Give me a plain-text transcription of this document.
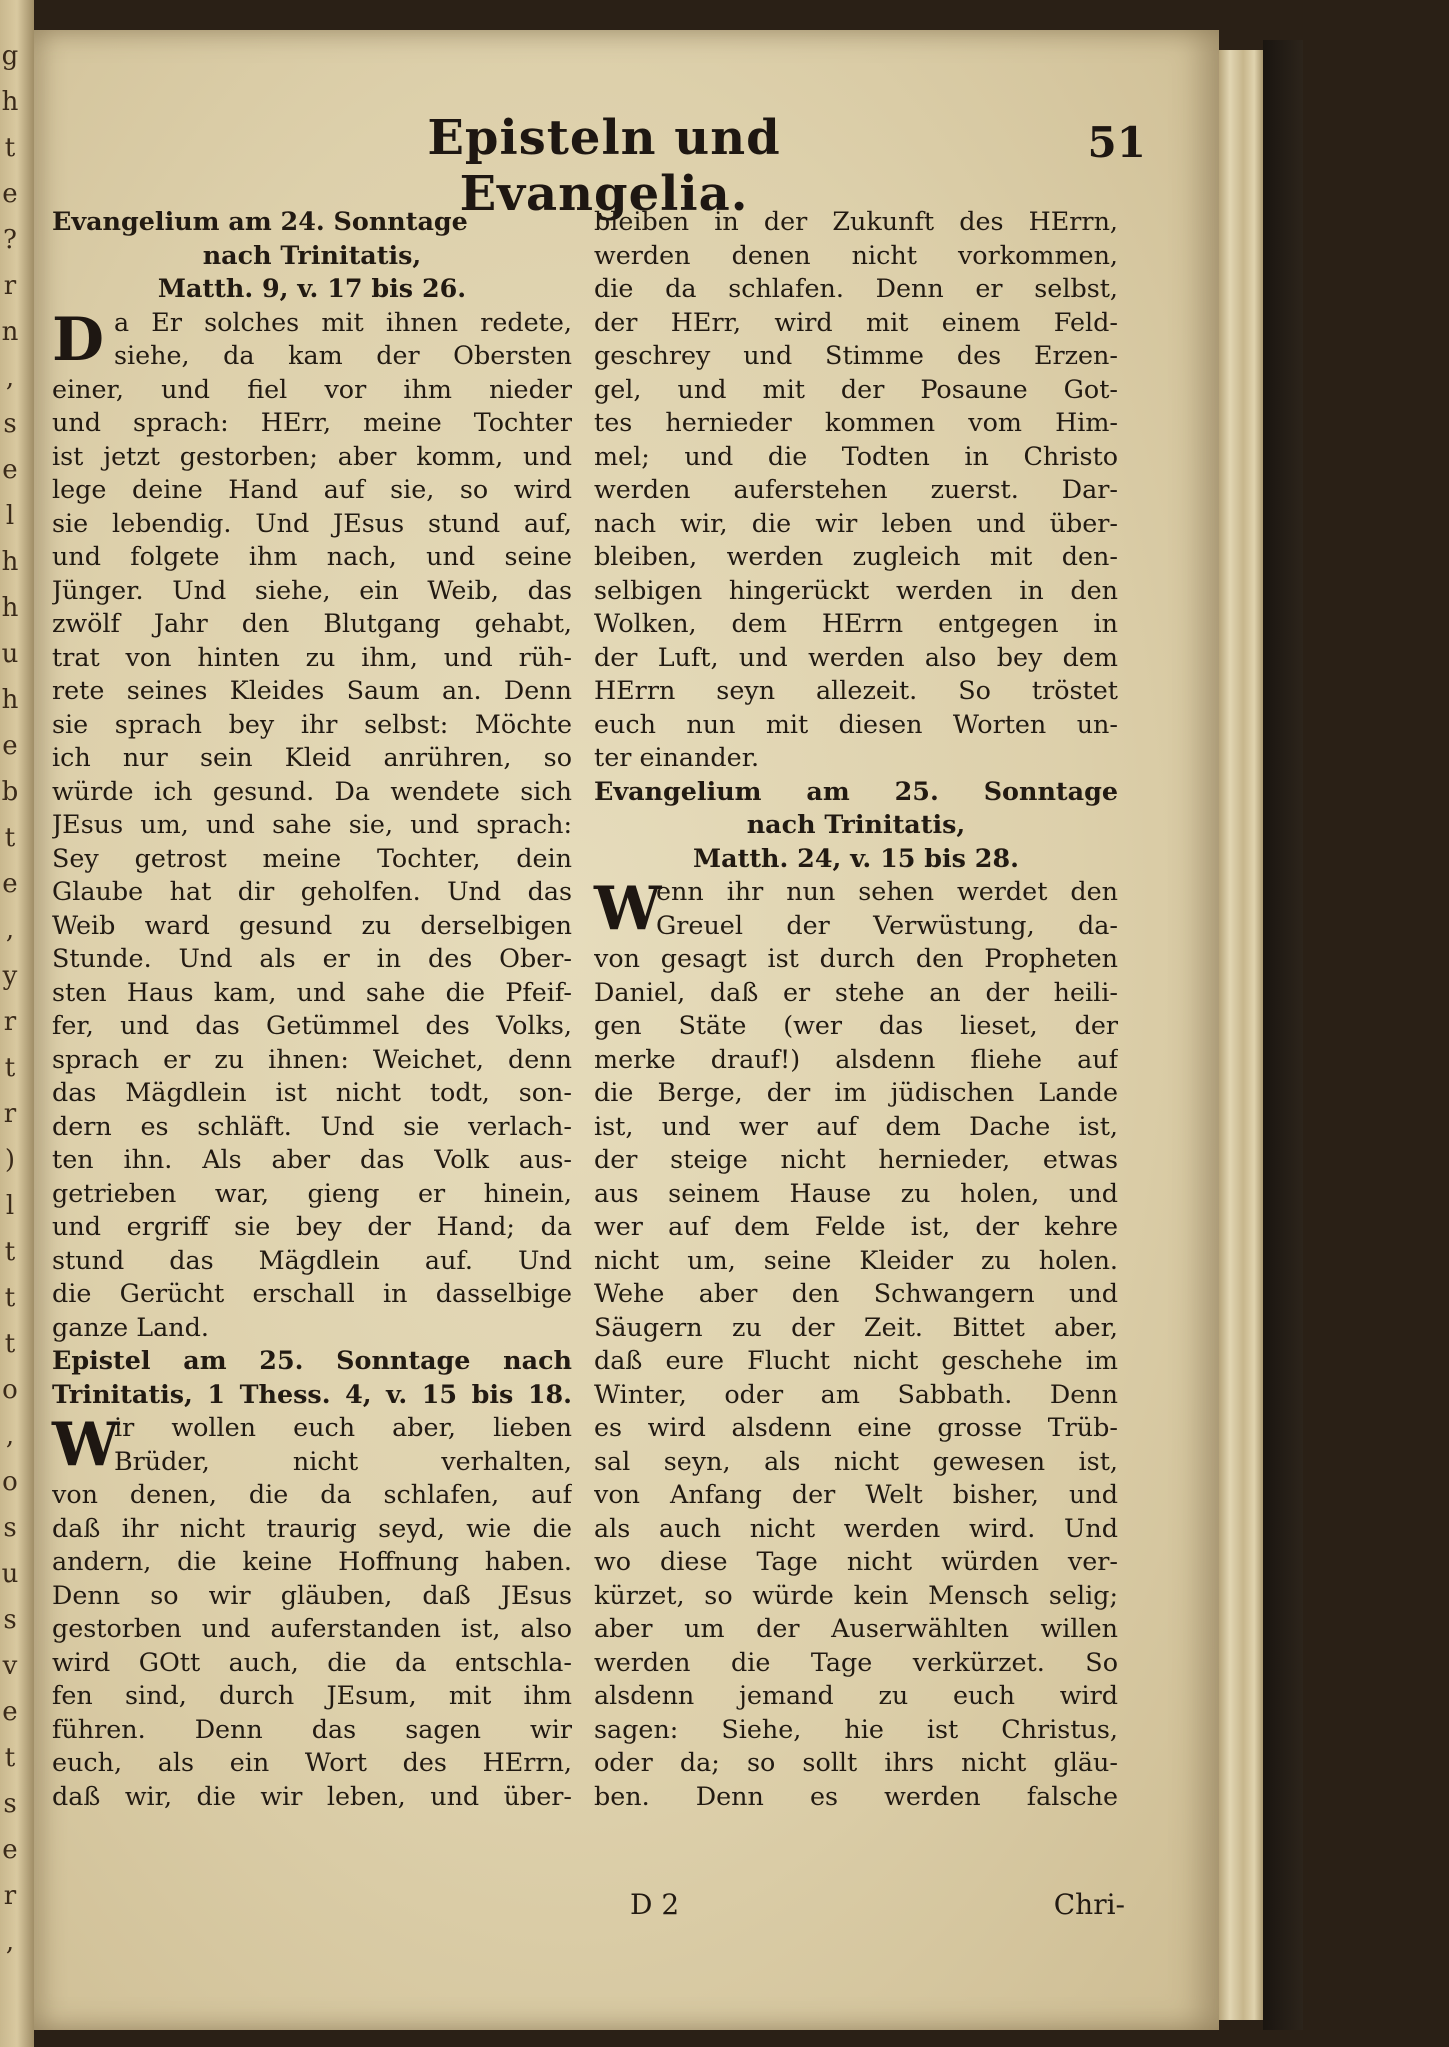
g
h
t
e
?
r
n
,
s
e
l
h
h
u
h
e
b
t
e
,
y
r
t
r
)
l
t
t
t
o
,
o
s
u
s
v
e
t
s
e
r
,
Episteln und Evangelia.
51
Evangelium am 24. Sonntage
nach Trinitatis,
Matth. 9, v. 17 bis 26.
D a Er solches mit ihnen redete,
siehe, da kam der Obersten
einer, und fiel vor ihm nieder
und sprach: HErr, meine Tochter
ist jetzt gestorben; aber komm, und
lege deine Hand auf sie, so wird
sie lebendig. Und JEsus stund auf,
und folgete ihm nach, und seine
Jünger. Und siehe, ein Weib, das
zwölf Jahr den Blutgang gehabt,
trat von hinten zu ihm, und rüh-
rete seines Kleides Saum an. Denn
sie sprach bey ihr selbst: Möchte
ich nur sein Kleid anrühren, so
würde ich gesund. Da wendete sich
JEsus um, und sahe sie, und sprach:
Sey getrost meine Tochter, dein
Glaube hat dir geholfen. Und das
Weib ward gesund zu derselbigen
Stunde. Und als er in des Ober-
sten Haus kam, und sahe die Pfeif-
fer, und das Getümmel des Volks,
sprach er zu ihnen: Weichet, denn
das Mägdlein ist nicht todt, son-
dern es schläft. Und sie verlach-
ten ihn. Als aber das Volk aus-
getrieben war, gieng er hinein,
und ergriff sie bey der Hand; da
stund das Mägdlein auf. Und
die Gerücht erschall in dasselbige
ganze Land.
Epistel am 25. Sonntage nach
Trinitatis, 1 Thess. 4, v. 15 bis 18.
W
ir wollen euch aber, lieben
Brüder, nicht verhalten,
von denen, die da schlafen, auf
daß ihr nicht traurig seyd, wie die
andern, die keine Hoffnung haben.
Denn so wir gläuben, daß JEsus
gestorben und auferstanden ist, also
wird GOtt auch, die da entschla-
fen sind, durch JEsum, mit ihm
führen. Denn das sagen wir
euch, als ein Wort des HErrn,
daß wir, die wir leben, und über-
bleiben in der Zukunft des HErrn,
werden denen nicht vorkommen,
die da schlafen. Denn er selbst,
der HErr, wird mit einem Feld-
geschrey und Stimme des Erzen-
gel, und mit der Posaune Got-
tes hernieder kommen vom Him-
mel; und die Todten in Christo
werden auferstehen zuerst. Dar-
nach wir, die wir leben und über-
bleiben, werden zugleich mit den-
selbigen hingerückt werden in den
Wolken, dem HErrn entgegen in
der Luft, und werden also bey dem
HErrn seyn allezeit. So tröstet
euch nun mit diesen Worten un-
ter einander.
Evangelium am 25. Sonntage
nach Trinitatis,
Matth. 24, v. 15 bis 28.
W
enn ihr nun sehen werdet den
Greuel der Verwüstung, da-
von gesagt ist durch den Propheten
Daniel, daß er stehe an der heili-
gen Stäte (wer das lieset, der
merke drauf!) alsdenn fliehe auf
die Berge, der im jüdischen Lande
ist, und wer auf dem Dache ist,
der steige nicht hernieder, etwas
aus seinem Hause zu holen, und
wer auf dem Felde ist, der kehre
nicht um, seine Kleider zu holen.
Wehe aber den Schwangern und
Säugern zu der Zeit. Bittet aber,
daß eure Flucht nicht geschehe im
Winter, oder am Sabbath. Denn
es wird alsdenn eine grosse Trüb-
sal seyn, als nicht gewesen ist,
von Anfang der Welt bisher, und
als auch nicht werden wird. Und
wo diese Tage nicht würden ver-
kürzet, so würde kein Mensch selig;
aber um der Auserwählten willen
werden die Tage verkürzet. So
alsdenn jemand zu euch wird
sagen: Siehe, hie ist Christus,
oder da; so sollt ihrs nicht gläu-
ben. Denn es werden falsche
D 2	Chri-
